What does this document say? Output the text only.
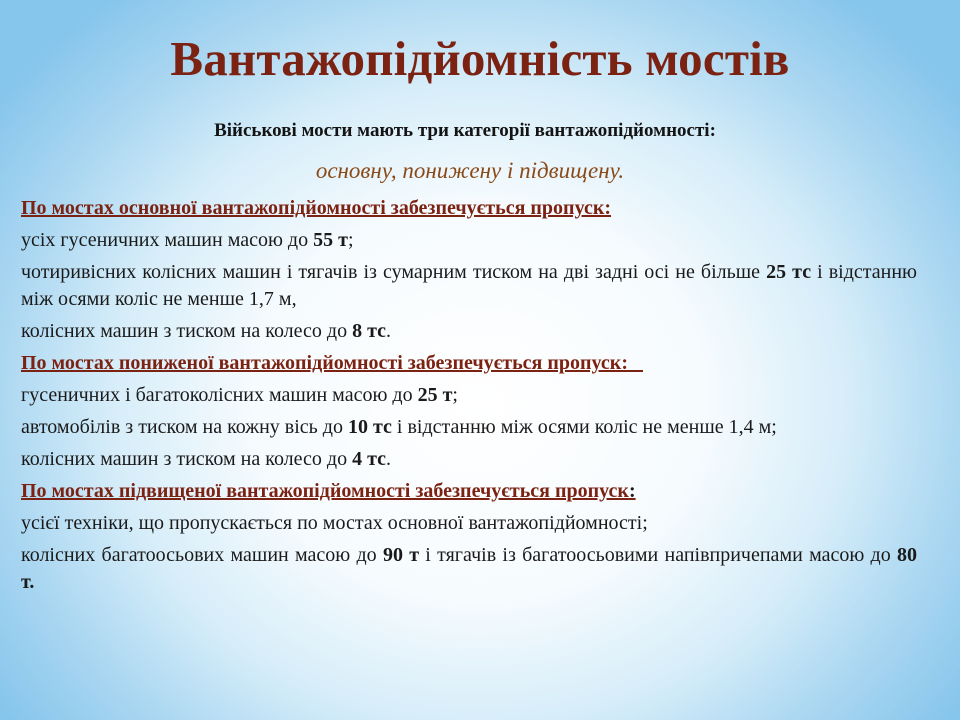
Вантажопідйомність мостів

Військові мости мають три категорії вантажопідйомності:

основну, понижену і підвищену.

По мостах основної вантажопідйомності забезпечується пропуск:

усіх гусеничних машин масою до 55 т;

чотиривісних колісних машин і тягачів із сумарним тиском на дві задні осі не більше 25 тс і відстанню між осями коліс не менше 1,7 м,

колісних машин з тиском на колесо до 8 тс.

По мостах пониженої вантажопідйомності забезпечується пропуск:

гусеничних і багатоколісних машин масою до 25 т;

автомобілів з тиском на кожну вісь до 10 тс і відстанню між осями коліс не менше 1,4 м;

колісних машин з тиском на колесо до 4 тс.

По мостах підвищеної вантажопідйомності забезпечується пропуск:

усієї техніки, що пропускається по мостах основної вантажопідйомності;

колісних багатоосьових машин масою до 90 т і тягачів із багатоосьовими напівпричепами масою до 80 т.
